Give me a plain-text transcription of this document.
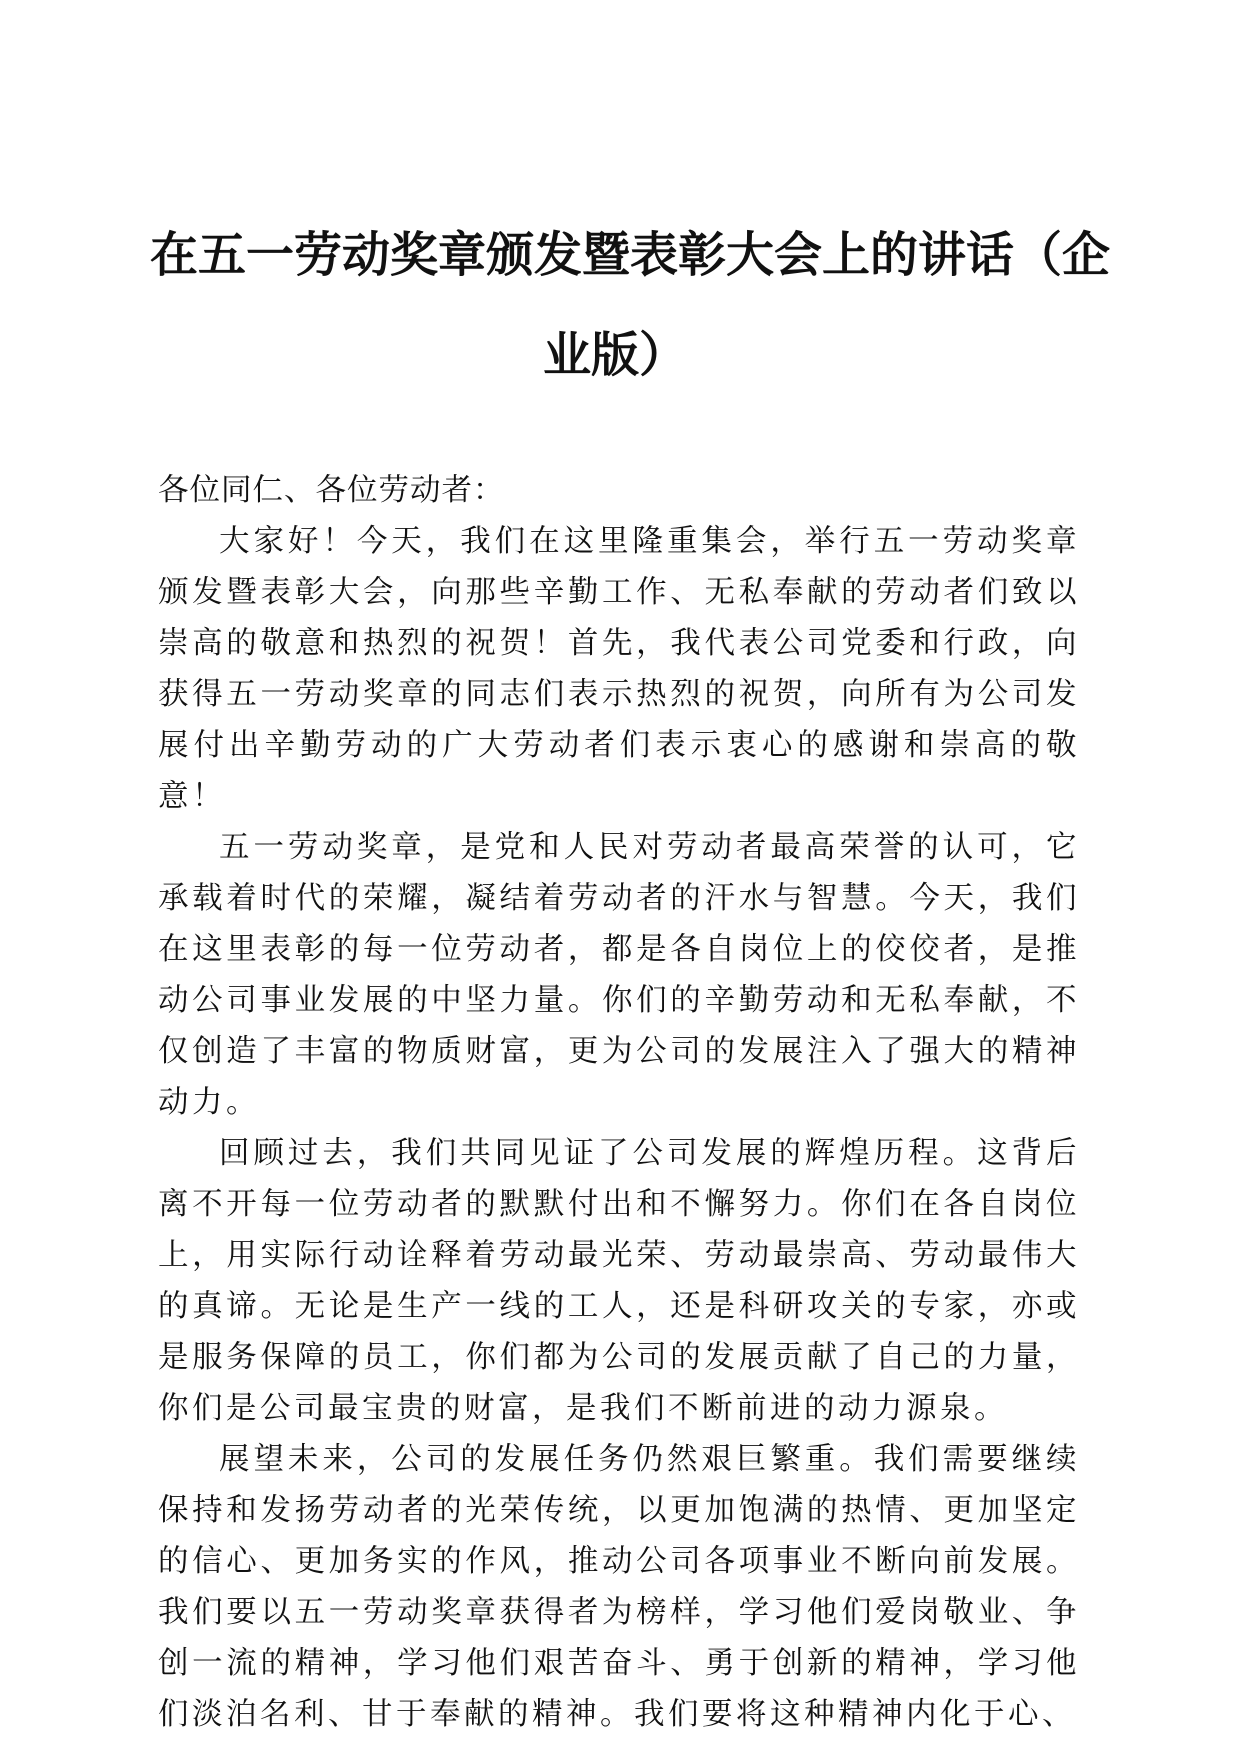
在五一劳动奖章颁发暨表彰大会上的讲话（企
业版）

各位同仁、各位劳动者：

大家好！今天，我们在这里隆重集会，举行五一劳动奖章颁发暨表彰大会，向那些辛勤工作、无私奉献的劳动者们致以崇高的敬意和热烈的祝贺！首先，我代表公司党委和行政，向获得五一劳动奖章的同志们表示热烈的祝贺，向所有为公司发展付出辛勤劳动的广大劳动者们表示衷心的感谢和崇高的敬意！

五一劳动奖章，是党和人民对劳动者最高荣誉的认可，它承载着时代的荣耀，凝结着劳动者的汗水与智慧。今天，我们在这里表彰的每一位劳动者，都是各自岗位上的佼佼者，是推动公司事业发展的中坚力量。你们的辛勤劳动和无私奉献，不仅创造了丰富的物质财富，更为公司的发展注入了强大的精神动力。

回顾过去，我们共同见证了公司发展的辉煌历程。这背后离不开每一位劳动者的默默付出和不懈努力。你们在各自岗位上，用实际行动诠释着劳动最光荣、劳动最崇高、劳动最伟大的真谛。无论是生产一线的工人，还是科研攻关的专家，亦或是服务保障的员工，你们都为公司的发展贡献了自己的力量，你们是公司最宝贵的财富，是我们不断前进的动力源泉。

展望未来，公司的发展任务仍然艰巨繁重。我们需要继续保持和发扬劳动者的光荣传统，以更加饱满的热情、更加坚定的信心、更加务实的作风，推动公司各项事业不断向前发展。我们要以五一劳动奖章获得者为榜样，学习他们爱岗敬业、争创一流的精神，学习他们艰苦奋斗、勇于创新的精神，学习他们淡泊名利、甘于奉献的精神。我们要将这种精神内化于心、
